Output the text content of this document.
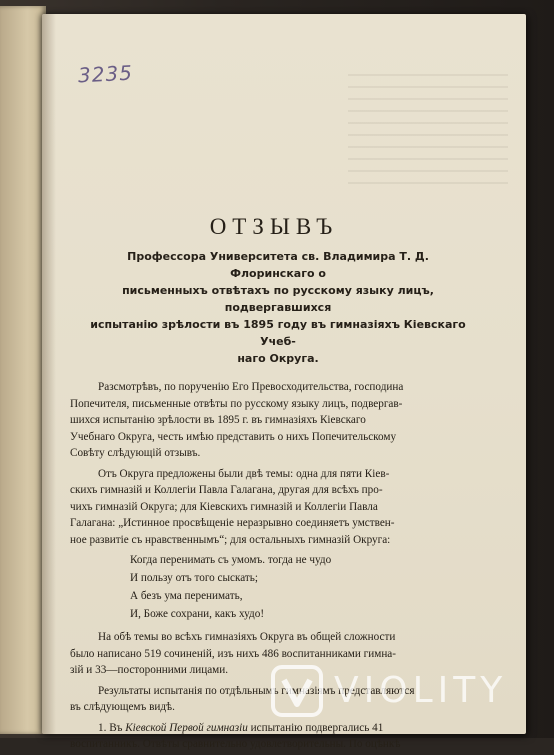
3235
ОТЗЫВЪ
Профессора Университета св. Владимира Т. Д. Флоринскаго о
письменныхъ отвѣтахъ по русскому языку лицъ, подвергавшихся
испытанію зрѣлости въ 1895 году въ гимназіяхъ Кіевскаго Учеб-
наго Округа.

Разсмотрѣвъ, по порученію Его Превосходительства, господина
Попечителя, письменные отвѣты по русскому языку лицъ, подвергав-
шихся испытанію зрѣлости въ 1895 г. въ гимназіяхъ Кіевскаго
Учебнаго Округа, честь имѣю представить о нихъ Попечительскому
Совѣту слѣдующій отзывъ.

Отъ Округа предложены были двѣ темы: одна для пяти Кіев-
скихъ гимназій и Коллегіи Павла Галагана, другая для всѣхъ про-
чихъ гимназій Округа; для Кіевскихъ гимназій и Коллегіи Павла
Галагана: „Истинное просвѣщеніе неразрывно соединяетъ умствен-
ное развитіе съ нравственнымъ“; для остальныхъ гимназій Округа:

Когда перенимать съ умомъ. тогда не чудо
И пользу отъ того сыскать;
А безъ ума перенимать,
И, Боже сохрани, какъ худо!

На обѣ темы во всѣхъ гимназіяхъ Округа въ общей сложности
было написано 519 сочиненій, изъ нихъ 486 воспитанниками гимна-
зій и 33—посторонними лицами.

Результаты испытанія по отдѣльнымъ гимназіямъ представляются
въ слѣдующемъ видѣ.

1. Въ Кіевской Первой гимназіи испытанію подвергались 41
воспитанникъ. Отвѣты сравнительно удовлетворительны. По оцѣнкѣ

VIOLITY
